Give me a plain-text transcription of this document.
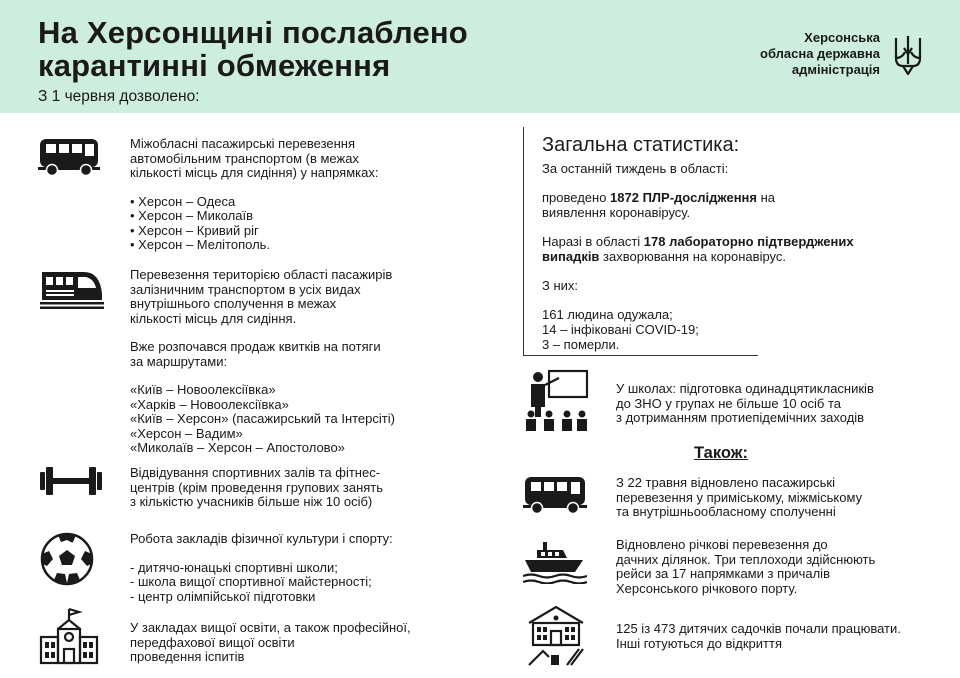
На Херсонщині послаблено
карантинні обмеження
З 1 червня дозволено:
Херсонська
обласна державна
адміністрація

Міжобласні пасажирські перевезення

автомобільним транспортом (в межах

кількості місць для сидіння) у напрямках:

• Херсон – Одеса

• Херсон – Миколаїв

• Херсон – Кривий ріг

• Херсон – Мелітополь.

Перевезення територією області пасажирів

залізничним транспортом в усіх видах

внутрішнього сполучення в межах

кількості місць для сидіння.

Вже розпочався продаж квитків на потяги

за маршрутами:

«Київ – Новоолексіївка»

«Харків – Новоолексіївка»

«Київ – Херсон» (пасажирський та Інтерсіті)

«Херсон – Вадим»

«Миколаїв – Херсон – Апостолово»

Відвідування спортивних залів та фітнес-

центрів (крім проведення групових занять

з кількістю учасників більше ніж 10 осіб)

Робота закладів фізичної культури і спорту:

- дитячо-юнацькі спортивні школи;

- школа вищої спортивної майстерності;

- центр олімпійської підготовки

У закладах вищої освіти, а також професійної,

передфахової вищої освіти

проведення іспитів

Загальна статистика:

За останній тиждень в області:

проведено 1872 ПЛР-дослідження на

виявлення коронавірусу.

Наразі в області 178 лабораторно підтверджених

випадків захворювання на коронавірус.

З них:

161 людина одужала;

14 – інфіковані COVID-19;

3 – померли.

У школах: підготовка одинадцятикласників

до ЗНО у групах не більше 10 осіб та

з дотриманням протиепідемічних заходів

Також:

З 22 травня відновлено пасажирські

перевезення у приміському, міжміському

та внутрішньообласному сполученні

Відновлено річкові перевезення до

дачних ділянок. Три теплоходи здійснюють

рейси за 17 напрямками з причалів

Херсонського річкового порту.

125 із 473 дитячих садочків почали працювати.

Інші готуються до відкриття
